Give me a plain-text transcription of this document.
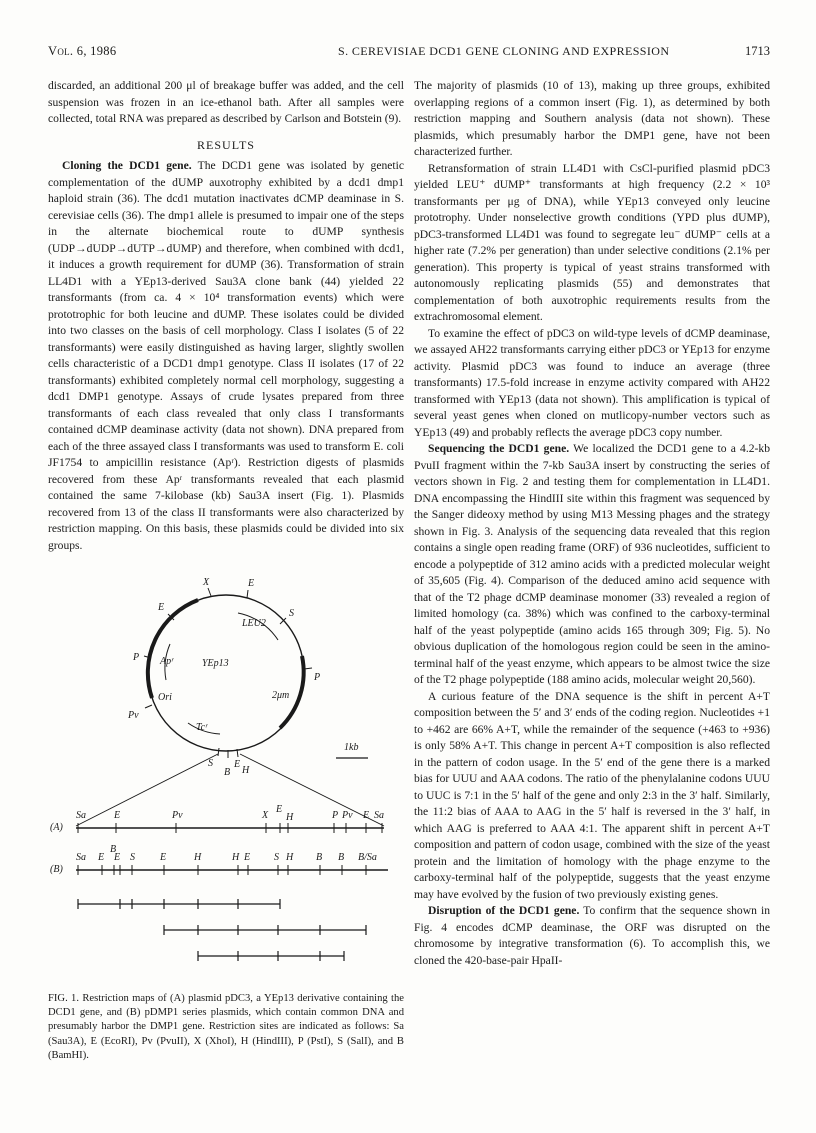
Vol. 6, 1986	S. CEREVISIAE DCD1 GENE CLONING AND EXPRESSION	1713

discarded, an additional 200 μl of breakage buffer was added, and the cell suspension was frozen in an ice-ethanol bath. After all samples were collected, total RNA was prepared as described by Carlson and Botstein (9).

RESULTS

Cloning the DCD1 gene. The DCD1 gene was isolated by genetic complementation of the dUMP auxotrophy exhibited by a dcd1 dmp1 haploid strain (36). The dcd1 mutation inactivates dCMP deaminase in S. cerevisiae cells (36). The dmp1 allele is presumed to impair one of the steps in the alternate biochemical route to dUMP synthesis (UDP→dUDP→dUTP→dUMP) and therefore, when combined with dcd1, it induces a growth requirement for dUMP (36). Transformation of strain LL4D1 with a YEp13-derived Sau3A clone bank (44) yielded 22 transformants (from ca. 4 × 10⁴ transformation events) which were prototrophic for both leucine and dUMP. These isolates could be divided into two classes on the basis of cell morphology. Class I isolates (5 of 22 transformants) were easily distinguished as having larger, slightly swollen cells characteristic of a DCD1 dmp1 genotype. Class II isolates (17 of 22 transformants) exhibited completely normal cell morphology, suggesting a dcd1 DMP1 genotype. Assays of crude lysates prepared from three transformants of each class revealed that only class I transformants contained dCMP deaminase activity (data not shown). DNA prepared from each of the three assayed class I transformants was used to transform E. coli JF1754 to ampicillin resistance (Apʳ). Restriction digests of plasmids recovered from these Apʳ transformants revealed that each plasmid contained the same 7-kilobase (kb) Sau3A insert (Fig. 1). Plasmids recovered from 13 of the class II transformants were also characterized by restriction mapping. On this basis, these plasmids could be divided into six groups.

X	E
S
P
E
P
Pv
S
B
E
H
LEU2
YEp13
Apʳ
2μm
Ori
Tcʳ
1kb
(A)
Sa	E	Pv	X
E
H	P Pv E Sa
(B)
Sa E
B
E S	E	H	H E S H B B B/Sa
FIG. 1. Restriction maps of (A) plasmid pDC3, a YEp13 derivative containing the DCD1 gene, and (B) pDMP1 series plasmids, which contain common DNA and presumably harbor the DMP1 gene. Restriction sites are indicated as follows: Sa (Sau3A), E (EcoRI), Pv (PvuII), X (XhoI), H (HindIII), P (PstI), S (SalI), and B (BamHI).

The majority of plasmids (10 of 13), making up three groups, exhibited overlapping regions of a common insert (Fig. 1), as determined by both restriction mapping and Southern analysis (data not shown). These plasmids, which presumably harbor the DMP1 gene, have not been characterized further.

Retransformation of strain LL4D1 with CsCl-purified plasmid pDC3 yielded LEU⁺ dUMP⁺ transformants at high frequency (2.2 × 10³ transformants per μg of DNA), while YEp13 conveyed only leucine prototrophy. Under nonselective growth conditions (YPD plus dUMP), pDC3-transformed LL4D1 was found to segregate leu⁻ dUMP⁻ cells at a higher rate (7.2% per generation) than under selective conditions (2.1% per generation). This property is typical of yeast strains transformed with autonomously replicating plasmids (55) and demonstrates that complementation of both auxotrophic requirements results from the extrachromosomal element.

To examine the effect of pDC3 on wild-type levels of dCMP deaminase, we assayed AH22 transformants carrying either pDC3 or YEp13 for enzyme activity. Plasmid pDC3 was found to induce an average (three transformants) 17.5-fold increase in enzyme activity compared with AH22 transformed with YEp13 (data not shown). This amplification is typical of several yeast genes when cloned on mutlicopy-number vectors such as YEp13 (49) and probably reflects the average pDC3 copy number.

Sequencing the DCD1 gene. We localized the DCD1 gene to a 4.2-kb PvuII fragment within the 7-kb Sau3A insert by constructing the series of vectors shown in Fig. 2 and testing them for complementation in LL4D1. DNA encompassing the HindIII site within this fragment was sequenced by the Sanger dideoxy method by using M13 Messing phages and the strategy shown in Fig. 3. Analysis of the sequencing data revealed that this region contains a single open reading frame (ORF) of 936 nucleotides, sufficient to encode a polypeptide of 312 amino acids with a predicted molecular weight of 35,605 (Fig. 4). Comparison of the deduced amino acid sequence with that of the T2 phage dCMP deaminase monomer (33) revealed a region of limited homology (ca. 38%) which was confined to the carboxy-terminal half of the yeast polypeptide (amino acids 165 through 309; Fig. 5). No obvious duplication of the homologous region could be seen in the amino-terminal half of the yeast enzyme, which appears to be almost twice the size of the T2 phage polypeptide (188 amino acids, molecular weight 20,560).

A curious feature of the DNA sequence is the shift in percent A+T composition between the 5′ and 3′ ends of the coding region. Nucleotides +1 to +462 are 66% A+T, while the remainder of the sequence (+463 to +936) is only 58% A+T. This change in percent A+T composition is also reflected in the pattern of codon usage. In the 5′ end of the gene there is a marked bias for UUU and AAA codons. The ratio of the phenylalanine codons UUU to UUC is 7:1 in the 5′ half of the gene and only 2:3 in the 3′ half. Similarly, the 11:2 bias of AAA to AAG in the 5′ half is reversed in the 3′ half, in which AAG is preferred to AAA 4:1. The apparent shift in percent A+T composition and pattern of codon usage, combined with the size of the yeast protein and the limitation of homology with the phage enzyme to the carboxy-terminal half of the polypeptide, suggests that the yeast enzyme may have evolved by the fusion of two previously existing genes.

Disruption of the DCD1 gene. To confirm that the sequence shown in Fig. 4 encodes dCMP deaminase, the ORF was disrupted on the chromosome by integrative transformation (6). To accomplish this, we cloned the 420-base-pair HpaII-
